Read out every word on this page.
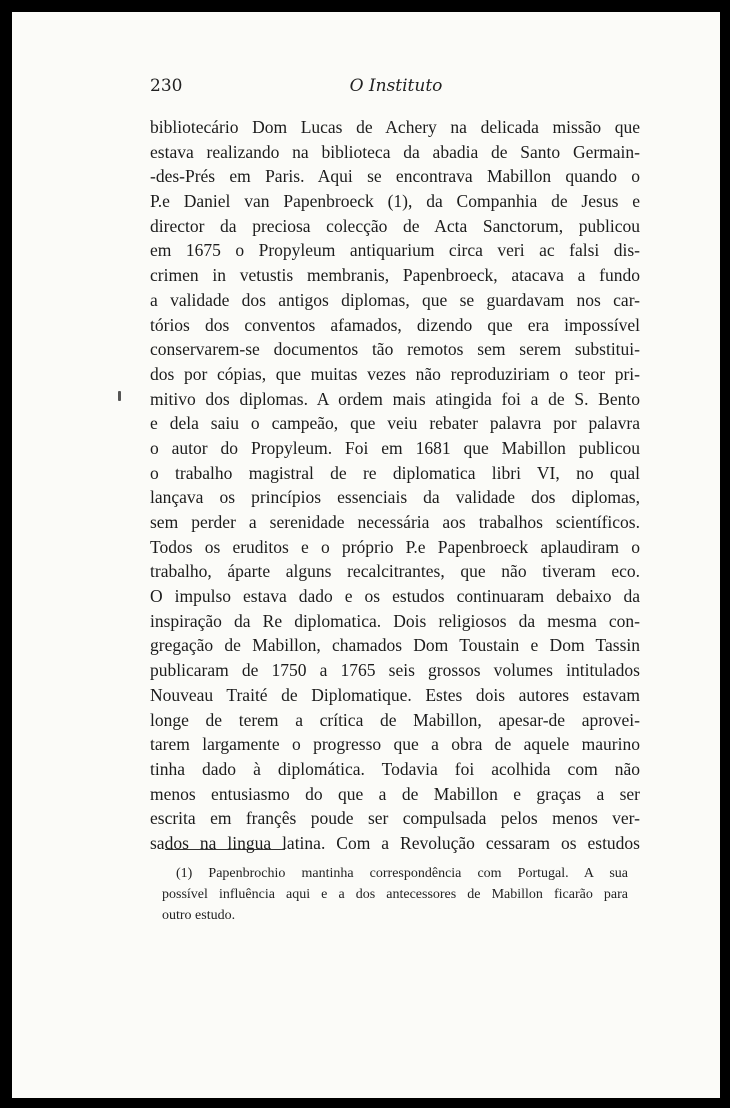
230	O Instituto
bibliotecário Dom Lucas de Achery na delicada missão que
estava realizando na biblioteca da abadia de Santo Germain-
-des-Prés em Paris. Aqui se encontrava Mabillon quando o
P.e Daniel van Papenbroeck (1), da Companhia de Jesus e
director da preciosa colecção de Acta Sanctorum, publicou
em 1675 o Propyleum antiquarium circa veri ac falsi dis-
crimen in vetustis membranis, Papenbroeck, atacava a fundo
a validade dos antigos diplomas, que se guardavam nos car-
tórios dos conventos afamados, dizendo que era impossível
conservarem-se documentos tão remotos sem serem substitui-
dos por cópias, que muitas vezes não reproduziriam o teor pri-
mitivo dos diplomas. A ordem mais atingida foi a de S. Bento
e dela saiu o campeão, que veiu rebater palavra por palavra
o autor do Propyleum. Foi em 1681 que Mabillon publicou
o trabalho magistral de re diplomatica libri VI, no qual
lançava os princípios essenciais da validade dos diplomas,
sem perder a serenidade necessária aos trabalhos scientíficos.
Todos os eruditos e o próprio P.e Papenbroeck aplaudiram o
trabalho, áparte alguns recalcitrantes, que não tiveram eco.
O impulso estava dado e os estudos continuaram debaixo da
inspiração da Re diplomatica. Dois religiosos da mesma con-
gregação de Mabillon, chamados Dom Toustain e Dom Tassin
publicaram de 1750 a 1765 seis grossos volumes intitulados
Nouveau Traité de Diplomatique. Estes dois autores estavam
longe de terem a crítica de Mabillon, apesar-de aprovei-
tarem largamente o progresso que a obra de aquele maurino
tinha dado à diplomática. Todavia foi acolhida com não
menos entusiasmo do que a de Mabillon e graças a ser
escrita em françês poude ser compulsada pelos menos ver-
sados na lingua latina. Com a Revolução cessaram os estudos
(1) Papenbrochio mantinha correspondência com Portugal. A sua
possível influência aqui e a dos antecessores de Mabillon ficarão para
outro estudo.
